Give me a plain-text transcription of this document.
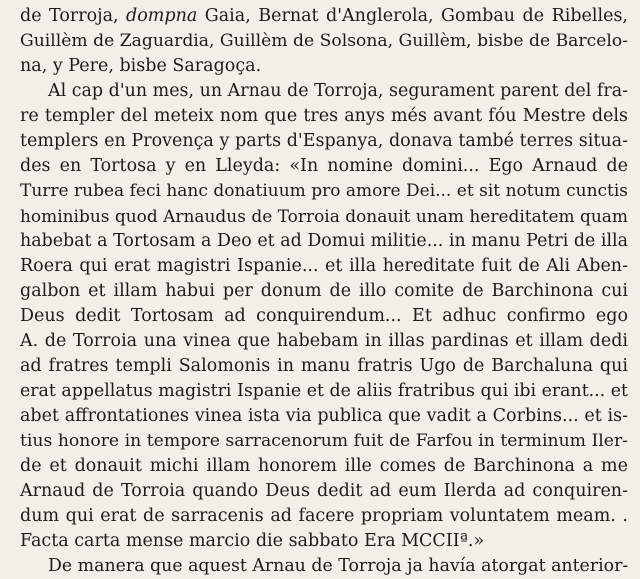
de Torroja, dompna Gaia, Bernat d'Anglerola, Gombau de Ribelles,
Guillèm de Zaguardia, Guillèm de Solsona, Guillèm, bisbe de Barcelo-
na, y Pere, bisbe Saragoça.

Al cap d'un mes, un Arnau de Torroja, segurament parent del fra-
re templer del meteix nom que tres anys més avant fóu Mestre dels
templers en Provença y parts d'Espanya, donava també terres situa-
des en Tortosa y en Lleyda: «In nomine domini... Ego Arnaud de
Turre rubea feci hanc donatiuum pro amore Dei... et sit notum cunctis
hominibus quod Arnaudus de Torroia donauit unam hereditatem quam
habebat a Tortosam a Deo et ad Domui militie... in manu Petri de illa
Roera qui erat magistri Ispanie... et illa hereditate fuit de Ali Aben-
galbon et illam habui per donum de illo comite de Barchinona cui
Deus dedit Tortosam ad conquirendum... Et adhuc confirmo ego
A. de Torroia una vinea que habebam in illas pardinas et illam dedi
ad fratres templi Salomonis in manu fratris Ugo de Barchaluna qui
erat appellatus magistri Ispanie et de aliis fratribus qui ibi erant... et
abet affrontationes vinea ista via publica que vadit a Corbins... et is-
tius honore in tempore sarracenorum fuit de Farfou in terminum Iler-
de et donauit michi illam honorem ille comes de Barchinona a me
Arnaud de Torroia quando Deus dedit ad eum Ilerda ad conquiren-
dum qui erat de sarracenis ad facere propriam voluntatem meam. .
Facta carta mense marcio die sabbato Era MCCIIª.»

De manera que aquest Arnau de Torroja ja havía atorgat anterior-
